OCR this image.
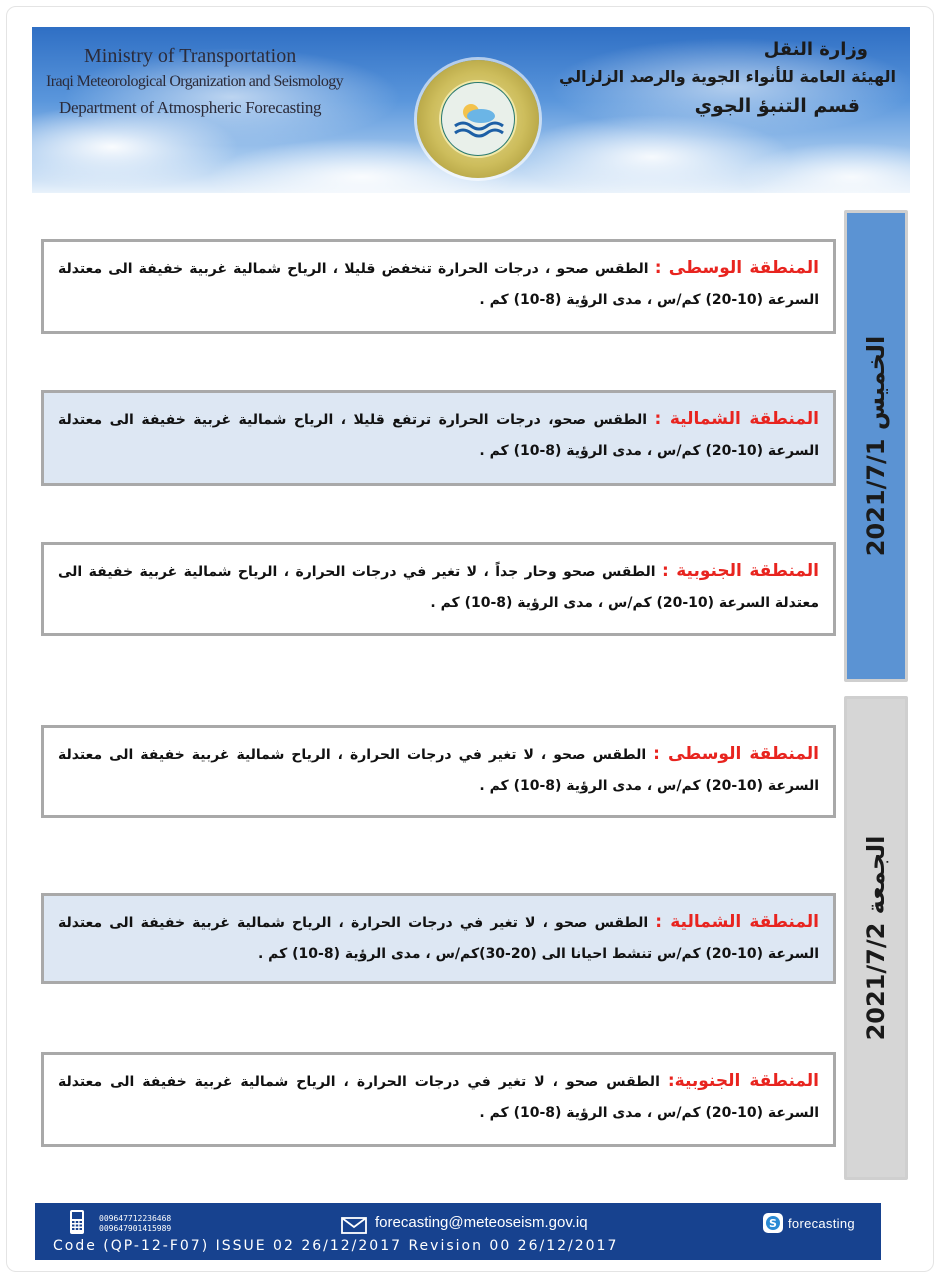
Ministry of Transportation
Iraqi Meteorological Organization and Seismology
Department of Atmospheric Forecasting
وزارة النقل
الهيئة العامة للأنواء الجوية والرصد الزلزالي
قسم التنبؤ الجوي
الخميس 2021/7/1
الجمعة 2021/7/2
المنطقة الوسطى : الطقس صحو ، درجات الحرارة تنخفض قليلا ، الرياح شمالية غربية خفيفة الى معتدلة السرعة (10-20) كم/س ، مدى الرؤية (8-10) كم .
المنطقة الشمالية : الطقس صحو، درجات الحرارة ترتفع قليلا ، الرياح شمالية غربية خفيفة الى معتدلة السرعة (10-20) كم/س ، مدى الرؤية (8-10) كم .
المنطقة الجنوبية : الطقس صحو وحار جداً ، لا تغير في درجات الحرارة ، الرياح شمالية غربية خفيفة الى معتدلة السرعة (10-20) كم/س ، مدى الرؤية (8-10) كم .
المنطقة الوسطى : الطقس صحو ، لا تغير في درجات الحرارة ، الرياح شمالية غربية خفيفة الى معتدلة السرعة (10-20) كم/س ، مدى الرؤية (8-10) كم .
المنطقة الشمالية : الطقس صحو ، لا تغير في درجات الحرارة ، الرياح شمالية غربية خفيفة الى معتدلة السرعة (10-20) كم/س تنشط احيانا الى (20-30)كم/س ، مدى الرؤية (8-10) كم .
المنطقة الجنوبية: الطقس صحو ، لا تغير في درجات الحرارة ، الرياح شمالية غربية خفيفة الى معتدلة السرعة (10-20) كم/س ، مدى الرؤية (8-10) كم .
009647712236468
009647901415989	forecasting@meteoseism.gov.iq	S forecasting
Code (QP-12-F07) ISSUE 02 26/12/2017 Revision 00 26/12/2017
